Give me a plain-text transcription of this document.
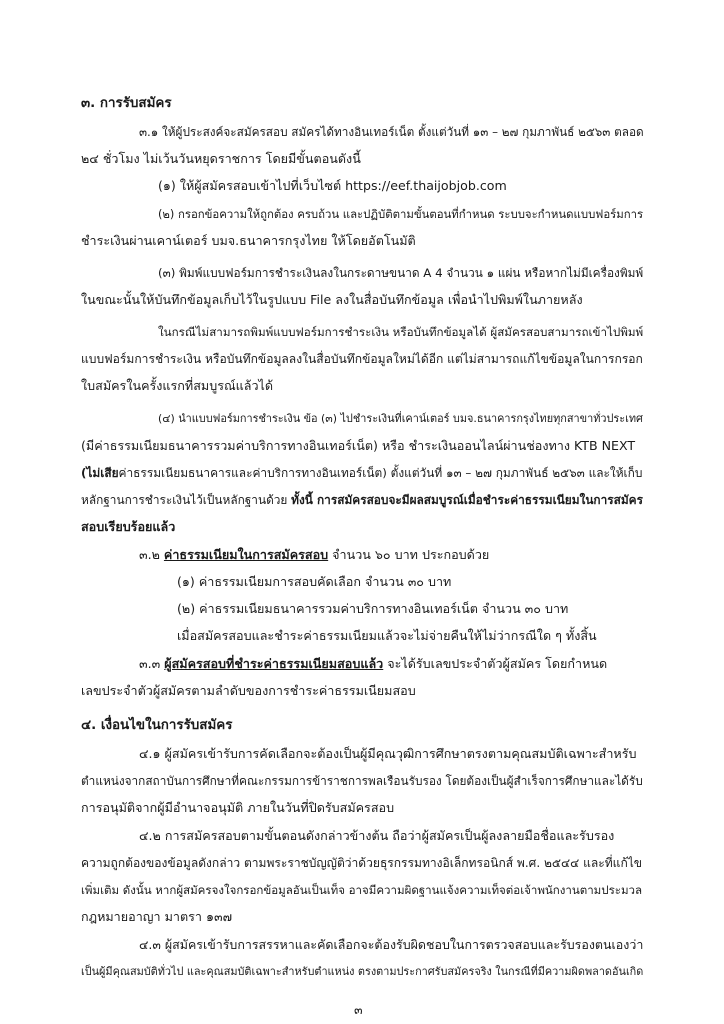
๓. การรับสมัคร
๓.๑ ให้ผู้ประสงค์จะสมัครสอบ สมัครได้ทางอินเทอร์เน็ต ตั้งแต่วันที่ ๑๓ – ๒๗ กุมภาพันธ์ ๒๕๖๓ ตลอด
๒๔ ชั่วโมง ไม่เว้นวันหยุดราชการ โดยมีขั้นตอนดังนี้
(๑) ให้ผู้สมัครสอบเข้าไปที่เว็บไซต์ https://eef.thaijobjob.com
(๒) กรอกข้อความให้ถูกต้อง ครบถ้วน และปฏิบัติตามขั้นตอนที่กำหนด ระบบจะกำหนดแบบฟอร์มการ
ชำระเงินผ่านเคาน์เตอร์ บมจ.ธนาคารกรุงไทย ให้โดยอัตโนมัติ
(๓) พิมพ์แบบฟอร์มการชำระเงินลงในกระดาษขนาด A 4 จำนวน ๑ แผ่น หรือหากไม่มีเครื่องพิมพ์
ในขณะนั้นให้บันทึกข้อมูลเก็บไว้ในรูปแบบ File ลงในสื่อบันทึกข้อมูล เพื่อนำไปพิมพ์ในภายหลัง
ในกรณีไม่สามารถพิมพ์แบบฟอร์มการชำระเงิน หรือบันทึกข้อมูลได้ ผู้สมัครสอบสามารถเข้าไปพิมพ์
แบบฟอร์มการชำระเงิน หรือบันทึกข้อมูลลงในสื่อบันทึกข้อมูลใหม่ได้อีก แต่ไม่สามารถแก้ไขข้อมูลในการกรอก
ใบสมัครในครั้งแรกที่สมบูรณ์แล้วได้
(๔) นำแบบฟอร์มการชำระเงิน ข้อ (๓) ไปชำระเงินที่เคาน์เตอร์ บมจ.ธนาคารกรุงไทยทุกสาขาทั่วประเทศ
(มีค่าธรรมเนียมธนาคารรวมค่าบริการทางอินเทอร์เน็ต) หรือ ชำระเงินออนไลน์ผ่านช่องทาง KTB NEXT
(ไม่เสียค่าธรรมเนียมธนาคารและค่าบริการทางอินเทอร์เน็ต) ตั้งแต่วันที่ ๑๓ – ๒๗ กุมภาพันธ์ ๒๕๖๓ และให้เก็บ
หลักฐานการชำระเงินไว้เป็นหลักฐานด้วย ทั้งนี้ การสมัครสอบจะมีผลสมบูรณ์เมื่อชำระค่าธรรมเนียมในการสมัคร
สอบเรียบร้อยแล้ว
๓.๒ ค่าธรรมเนียมในการสมัครสอบ จำนวน ๖๐ บาท ประกอบด้วย
(๑) ค่าธรรมเนียมการสอบคัดเลือก จำนวน ๓๐ บาท
(๒) ค่าธรรมเนียมธนาคารรวมค่าบริการทางอินเทอร์เน็ต จำนวน ๓๐ บาท
เมื่อสมัครสอบและชำระค่าธรรมเนียมแล้วจะไม่จ่ายคืนให้ไม่ว่ากรณีใด ๆ ทั้งสิ้น
๓.๓ ผู้สมัครสอบที่ชำระค่าธรรมเนียมสอบแล้ว จะได้รับเลขประจำตัวผู้สมัคร โดยกำหนด
เลขประจำตัวผู้สมัครตามลำดับของการชำระค่าธรรมเนียมสอบ
๔. เงื่อนไขในการรับสมัคร
๔.๑ ผู้สมัครเข้ารับการคัดเลือกจะต้องเป็นผู้มีคุณวุฒิการศึกษาตรงตามคุณสมบัติเฉพาะสำหรับ
ตำแหน่งจากสถาบันการศึกษาที่คณะกรรมการข้าราชการพลเรือนรับรอง โดยต้องเป็นผู้สำเร็จการศึกษาและได้รับ
การอนุมัติจากผู้มีอำนาจอนุมัติ ภายในวันที่ปิดรับสมัครสอบ
๔.๒ การสมัครสอบตามขั้นตอนดังกล่าวข้างต้น ถือว่าผู้สมัครเป็นผู้ลงลายมือชื่อและรับรอง
ความถูกต้องของข้อมูลดังกล่าว ตามพระราชบัญญัติว่าด้วยธุรกรรมทางอิเล็กทรอนิกส์ พ.ศ. ๒๕๔๔ และที่แก้ไข
เพิ่มเติม ดังนั้น หากผู้สมัครจงใจกรอกข้อมูลอันเป็นเท็จ อาจมีความผิดฐานแจ้งความเท็จต่อเจ้าพนักงานตามประมวล
กฎหมายอาญา มาตรา ๑๓๗
๔.๓ ผู้สมัครเข้ารับการสรรหาและคัดเลือกจะต้องรับผิดชอบในการตรวจสอบและรับรองตนเองว่า
เป็นผู้มีคุณสมบัติทั่วไป และคุณสมบัติเฉพาะสำหรับตำแหน่ง ตรงตามประกาศรับสมัครจริง ในกรณีที่มีความผิดพลาดอันเกิด
๓
